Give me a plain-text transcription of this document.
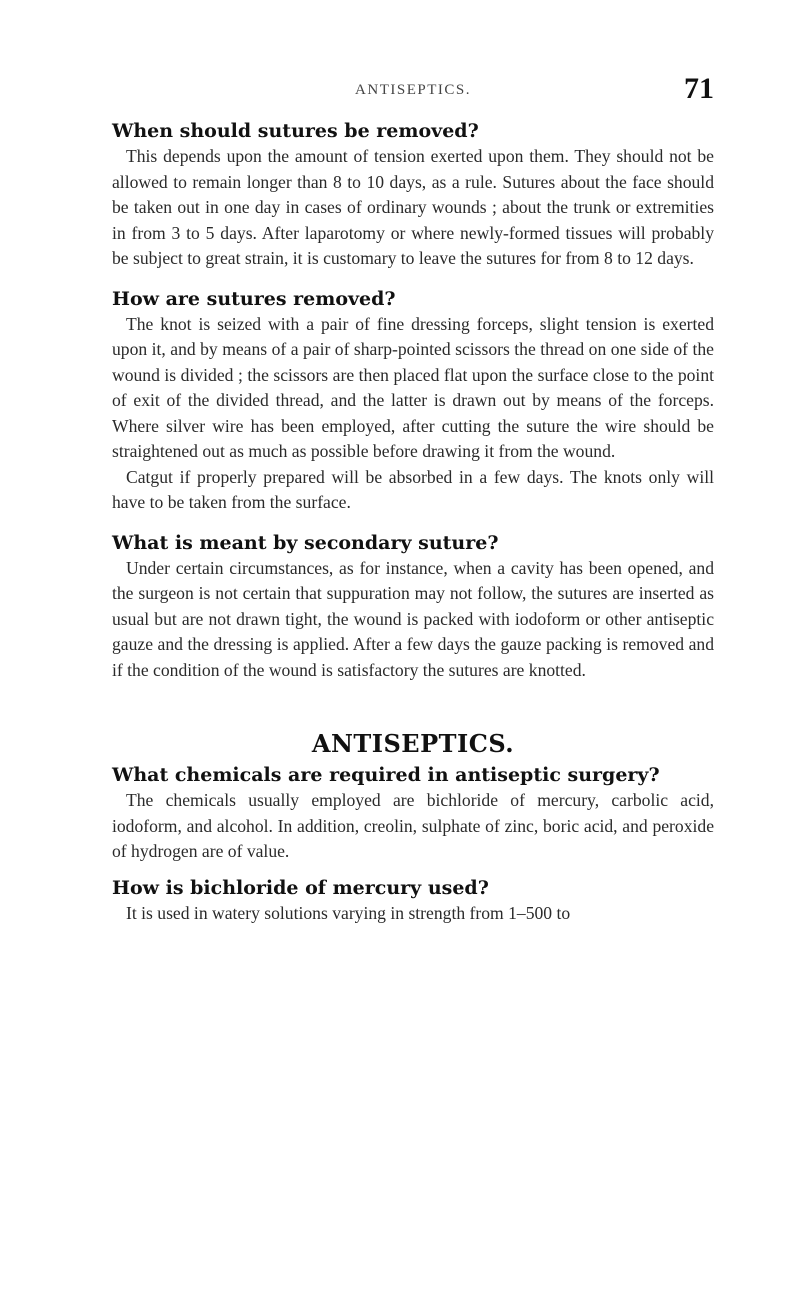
ANTISEPTICS.	71

When should sutures be removed?

This depends upon the amount of tension exerted upon them. They should not be allowed to remain longer than 8 to 10 days, as a rule. Sutures about the face should be taken out in one day in cases of ordinary wounds ; about the trunk or extremities in from 3 to 5 days. After laparotomy or where newly-formed tissues will probably be subject to great strain, it is customary to leave the sutures for from 8 to 12 days.

How are sutures removed?

The knot is seized with a pair of fine dressing forceps, slight tension is exerted upon it, and by means of a pair of sharp-pointed scissors the thread on one side of the wound is divided ; the scissors are then placed flat upon the surface close to the point of exit of the divided thread, and the latter is drawn out by means of the forceps. Where silver wire has been employed, after cutting the suture the wire should be straightened out as much as possible before drawing it from the wound.

Catgut if properly prepared will be absorbed in a few days. The knots only will have to be taken from the surface.

What is meant by secondary suture?

Under certain circumstances, as for instance, when a cavity has been opened, and the surgeon is not certain that suppuration may not follow, the sutures are inserted as usual but are not drawn tight, the wound is packed with iodoform or other antiseptic gauze and the dressing is applied. After a few days the gauze packing is removed and if the condition of the wound is satisfactory the sutures are knotted.

ANTISEPTICS.

What chemicals are required in antiseptic surgery?

The chemicals usually employed are bichloride of mercury, carbolic acid, iodoform, and alcohol. In addition, creolin, sulphate of zinc, boric acid, and peroxide of hydrogen are of value.

How is bichloride of mercury used?

It is used in watery solutions varying in strength from 1–500 to
